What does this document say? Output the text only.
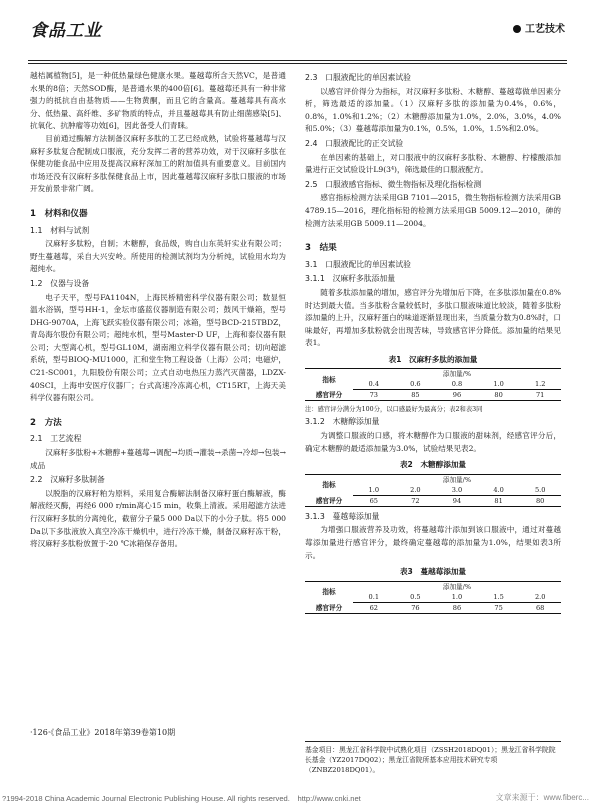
食品工业	工艺技术

越桔属植物[5]，是一种低热量绿色健康水果。蔓越莓所含天然VC，是普通水果的8倍；天然SOD酶，是普通水果的400倍[6]。蔓越莓还具有一种非常强力的抵抗自由基物质——生物黄酮，而且它的含量高。蔓越莓具有高水分、低热量、高纤维、多矿物质的特点，并且蔓越莓具有防止细菌感染[5]、抗氧化、抗肿瘤等功效[6]，因此备受人们青睐。

目前通过酶解方法制备汉麻籽多肽的工艺已经成熟，试验将蔓越莓与汉麻籽多肽复合配制成口服液，充分发挥二者的营养功效，对于汉麻籽多肽在保健功能食品中应用及提高汉麻籽深加工的附加值具有重要意义。目前国内市场还没有汉麻籽多肽保健食品上市，因此蔓越莓汉麻籽多肽口服液的市场开发前景非常广阔。

1　材料和仪器
1.1　材料与试剂

汉麻籽多肽粉，自制；木糖醇，食品级，购自山东英轩实业有限公司；野生蔓越莓，采自大兴安岭。所使用的检测试剂均为分析纯，试验用水均为超纯水。

1.2　仪器与设备

电子天平，型号FA1104N，上海民桥精密科学仪器有限公司；数显恒温水浴锅，型号HH-1，金坛市盛蓝仪器制造有限公司；鼓风干燥箱，型号DHG-9070A，上海飞跃实验仪器有限公司；冰箱，型号BCD-215TBDZ，青岛海尔股份有限公司；超纯水机，型号Master-D UF，上海和泰仪器有限公司；大型离心机，型号GL10M，湖南湘立科学仪器有限公司；切向超滤系统，型号BIOQ-MU1000，汇和堂生物工程设备（上海）公司；电磁炉，C21-SC001，九阳股份有限公司；立式自动电热压力蒸汽灭菌器，LDZX-40SCI，上海申安医疗仪器厂；台式高速冷冻离心机，CT15RT，上海天美科学仪器有限公司。

2　方法
2.1　工艺流程

汉麻籽多肽粉+木糖醇+蔓越莓→调配→均质→灌装→杀菌→冷却→包装→成品

2.2　汉麻籽多肽制备

以脱脂的汉麻籽粕为原料，采用复合酶解法制备汉麻籽蛋白酶解液，酶解液经灭酶，再经6 000 r/min离心15 min，收集上清液。采用超滤方法进行汉麻籽多肽的分离纯化，截留分子量5 000 Da以下的小分子肽。将5 000 Da以下多肽液放入真空冷冻干燥机中，进行冷冻干燥，制备汉麻籽冻干粉，将汉麻籽多肽粉放置于-20 ℃冰箱保存备用。

·126·《食品工业》2018年第39卷第10期
2.3　口服液配比的单因素试验

以感官评价得分为指标，对汉麻籽多肽粉、木糖醇、蔓越莓做单因素分析，筛选最适的添加量。（1）汉麻籽多肽的添加量为0.4%，0.6%，0.8%，1.0%和1.2%；（2）木糖醇添加量为1.0%，2.0%，3.0%，4.0%和5.0%；（3）蔓越莓添加量为0.1%，0.5%，1.0%，1.5%和2.0%。

2.4　口服液配比的正交试验

在单因素的基础上，对口服液中的汉麻籽多肽粉、木糖醇、柠檬酸添加量进行正交试验设计L9(3⁴)，筛选最佳的口服液配方。

2.5　口服液感官指标、微生物指标及理化指标检测

感官指标检测方法采用GB 7101—2015，微生物指标检测方法采用GB 4789.15—2016，理化指标铅的检测方法采用GB 5009.12—2010，砷的检测方法采用GB 5009.11—2004。

3　结果
3.1　口服液配比的单因素试验
3.1.1　汉麻籽多肽添加量

随着多肽添加量的增加，感官评分先增加后下降，在多肽添加量在0.8%时达到最大值。当多肽粉含量较低时，多肽口服液味道比较淡，随着多肽粉添加量的上升，汉麻籽蛋白的味道逐渐显现出来，当质量分数为0.8%时，口味最好，再增加多肽粉就会出现苦味，导致感官评分降低。添加量的结果见表1。

表1　汉麻籽多肽的添加量
指标	添加量/%				
	0.4	0.6	0.8	1.0	1.2
感官评分	73	85	96	80	71
注：感官评分满分为100分，以口感最好为最高分；表2和表3同
3.1.2　木糖醇添加量

为调整口服液的口感，将木糖醇作为口服液的甜味剂，经感官评分后，确定木糖醇的最适添加量为3.0%，试验结果见表2。

表2　木糖醇添加量
指标	添加量/%				
	1.0	2.0	3.0	4.0	5.0
感官评分	65	72	94	81	80
3.1.3　蔓越莓添加量

为增强口服液营养及功效，将蔓越莓汁添加到该口服液中，通过对蔓越莓添加量进行感官评分，最终确定蔓越莓的添加量为1.0%，结果如表3所示。

表3　蔓越莓添加量
指标	添加量/%				
	0.1	0.5	1.0	1.5	2.0
感官评分	62	76	86	75	68
基金项目：黑龙江省科学院中试熟化项目（ZSSH2018DQ01）；黑龙江省科学院院长基金（YZ2017DQ02）；黑龙江省院所基本应用技术研究专项（ZNBZ2018DQ01）。
?1994-2018 China Academic Journal Electronic Publishing House. All rights reserved.　http://www.cnki.net	文章来源于：www.fiberc...
